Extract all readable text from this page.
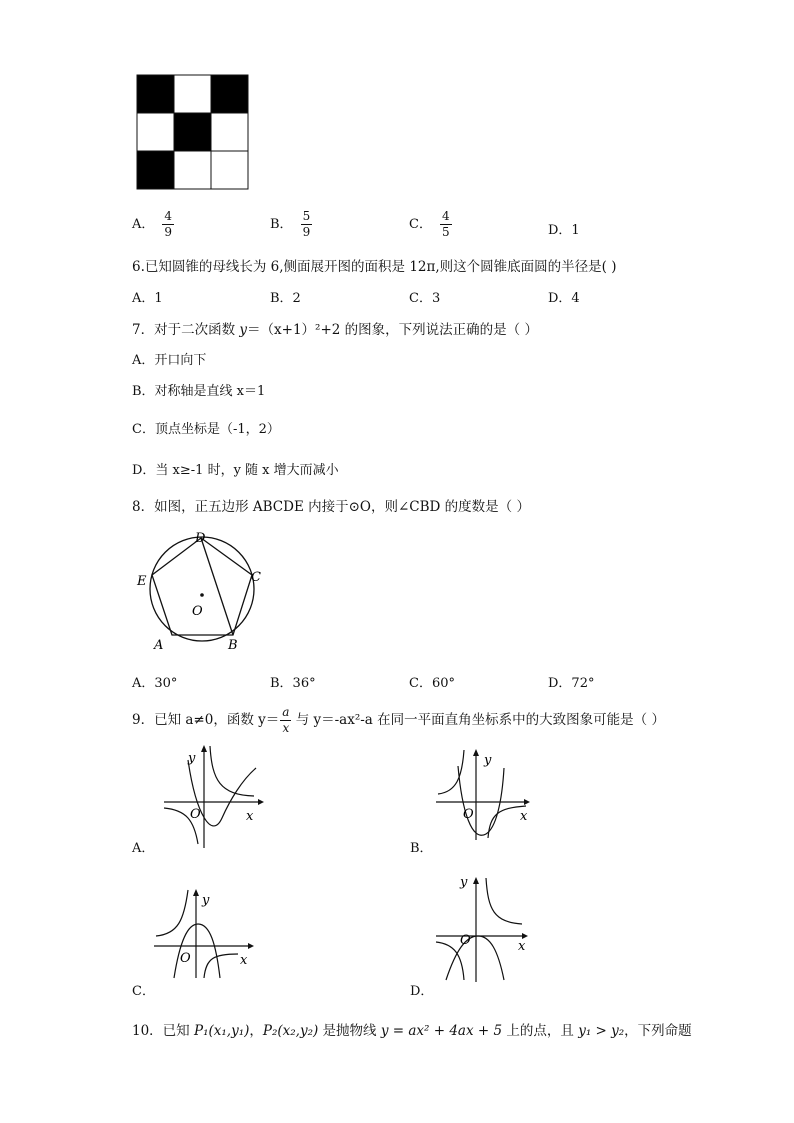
A． $\frac{4}{9}$	B． $\frac{5}{9}$	C． $\frac{4}{5}$	D．1
6.已知圆锥的母线长为 6,侧面展开图的面积是 12π,则这个圆锥底面圆的半径是( )
A．1	B．2	C．3	D．4
7．对于二次函数 y＝（x+1）²+2 的图象，下列说法正确的是（ ）
A．开口向下
B．对称轴是直线 x＝1
C．顶点坐标是（-1，2）
D．当 x≥-1 时，y 随 x 增大而减小
8．如图，正五边形 ABCDE 内接于⊙O，则∠CBD 的度数是（ ）
D
C
E
O
A	B
A．30°	B．36°	C．60°	D．72°
9．已知 a≠0，函数 $y= \frac{a}{x}$ 与 y＝-ax²-a 在同一平面直角坐标系中的大致图象可能是（ ）
O	x
y
A．
O	x
y
B．
O	x
y
C．
O	x
y
D．
10．已知 P₁(x₁,y₁)，P₂(x₂,y₂) 是抛物线 y = ax² + 4ax + 5 上的点，且 y₁ > y₂，下列命题
